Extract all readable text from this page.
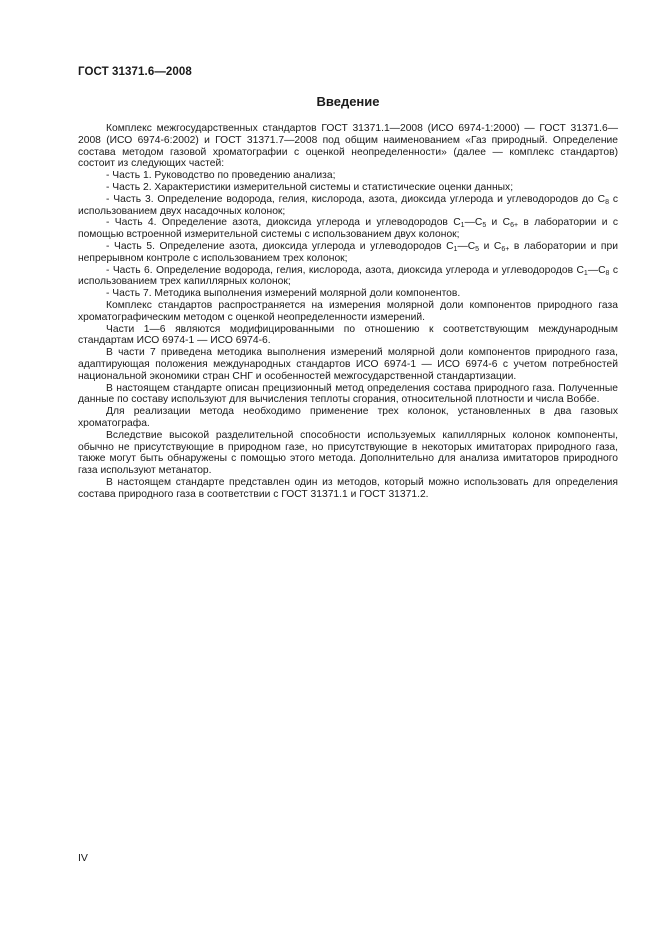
ГОСТ 31371.6—2008
Введение

Комплекс межгосударственных стандартов ГОСТ 31371.1—2008 (ИСО 6974-1:2000) — ГОСТ 31371.6—2008 (ИСО 6974-6:2002) и ГОСТ 31371.7—2008 под общим наименованием «Газ природный. Определение состава методом газовой хроматографии с оценкой неопределенности» (далее — комплекс стандартов) состоит из следующих частей:

- Часть 1. Руководство по проведению анализа;

- Часть 2. Характеристики измерительной системы и статистические оценки данных;

- Часть 3. Определение водорода, гелия, кислорода, азота, диоксида углерода и углеводородов до $C_8$ с использованием двух насадочных колонок;

- Часть 4. Определение азота, диоксида углерода и углеводородов $C_1—C_5$ и $C_{6+}$ в лаборатории и с помощью встроенной измерительной системы с использованием двух колонок;

- Часть 5. Определение азота, диоксида углерода и углеводородов $C_1—C_5$ и $C_{6+}$ в лаборатории и при непрерывном контроле с использованием трех колонок;

- Часть 6. Определение водорода, гелия, кислорода, азота, диоксида углерода и углеводородов $C_1—C_8$ с использованием трех капиллярных колонок;

- Часть 7. Методика выполнения измерений молярной доли компонентов.

Комплекс стандартов распространяется на измерения молярной доли компонентов природного газа хроматографическим методом с оценкой неопределенности измерений.

Части 1—6 являются модифицированными по отношению к соответствующим международным стандартам ИСО 6974-1 — ИСО 6974-6.

В части 7 приведена методика выполнения измерений молярной доли компонентов природного газа, адаптирующая положения международных стандартов ИСО 6974-1 — ИСО 6974-6 с учетом потребностей национальной экономики стран СНГ и особенностей межгосударственной стандартизации.

В настоящем стандарте описан прецизионный метод определения состава природного газа. Полученные данные по составу используют для вычисления теплоты сгорания, относительной плотности и числа Воббе.

Для реализации метода необходимо применение трех колонок, установленных в два газовых хроматографа.

Вследствие высокой разделительной способности используемых капиллярных колонок компоненты, обычно не присутствующие в природном газе, но присутствующие в некоторых имитаторах природного газа, также могут быть обнаружены с помощью этого метода. Дополнительно для анализа имитаторов природного газа используют метанатор.

В настоящем стандарте представлен один из методов, который можно использовать для определения состава природного газа в соответствии с ГОСТ 31371.1 и ГОСТ 31371.2.

IV
